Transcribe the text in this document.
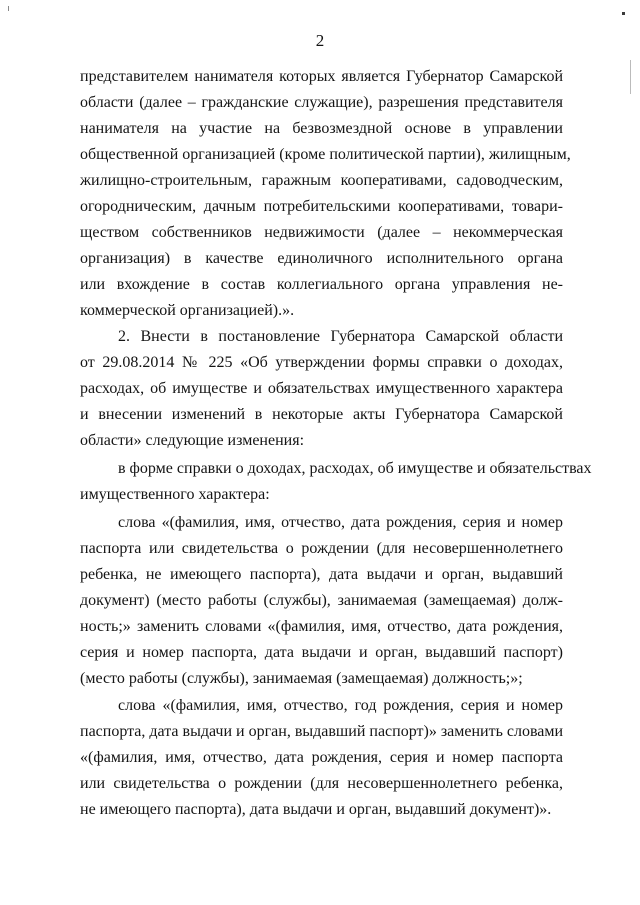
2
представителем нанимателя которых является Губернатор Самарской
области (далее – гражданские служащие), разрешения представителя
нанимателя на участие на безвозмездной основе в управлении
общественной организацией (кроме политической партии), жилищным,
жилищно-строительным, гаражным кооперативами, садоводческим,
огородническим, дачным потребительскими кооперативами, товари-
ществом собственников недвижимости (далее – некоммерческая
организация) в качестве единоличного исполнительного органа
или вхождение в состав коллегиального органа управления не-
коммерческой организацией).».
2. Внести в постановление Губернатора Самарской области
от 29.08.2014 № 225 «Об утверждении формы справки о доходах,
расходах, об имуществе и обязательствах имущественного характера
и внесении изменений в некоторые акты Губернатора Самарской
области» следующие изменения:
в форме справки о доходах, расходах, об имуществе и обязательствах
имущественного характера:
слова «(фамилия, имя, отчество, дата рождения, серия и номер
паспорта или свидетельства о рождении (для несовершеннолетнего
ребенка, не имеющего паспорта), дата выдачи и орган, выдавший
документ) (место работы (службы), занимаемая (замещаемая) долж-
ность;» заменить словами «(фамилия, имя, отчество, дата рождения,
серия и номер паспорта, дата выдачи и орган, выдавший паспорт)
(место работы (службы), занимаемая (замещаемая) должность;»;
слова «(фамилия, имя, отчество, год рождения, серия и номер
паспорта, дата выдачи и орган, выдавший паспорт)» заменить словами
«(фамилия, имя, отчество, дата рождения, серия и номер паспорта
или свидетельства о рождении (для несовершеннолетнего ребенка,
не имеющего паспорта), дата выдачи и орган, выдавший документ)».
